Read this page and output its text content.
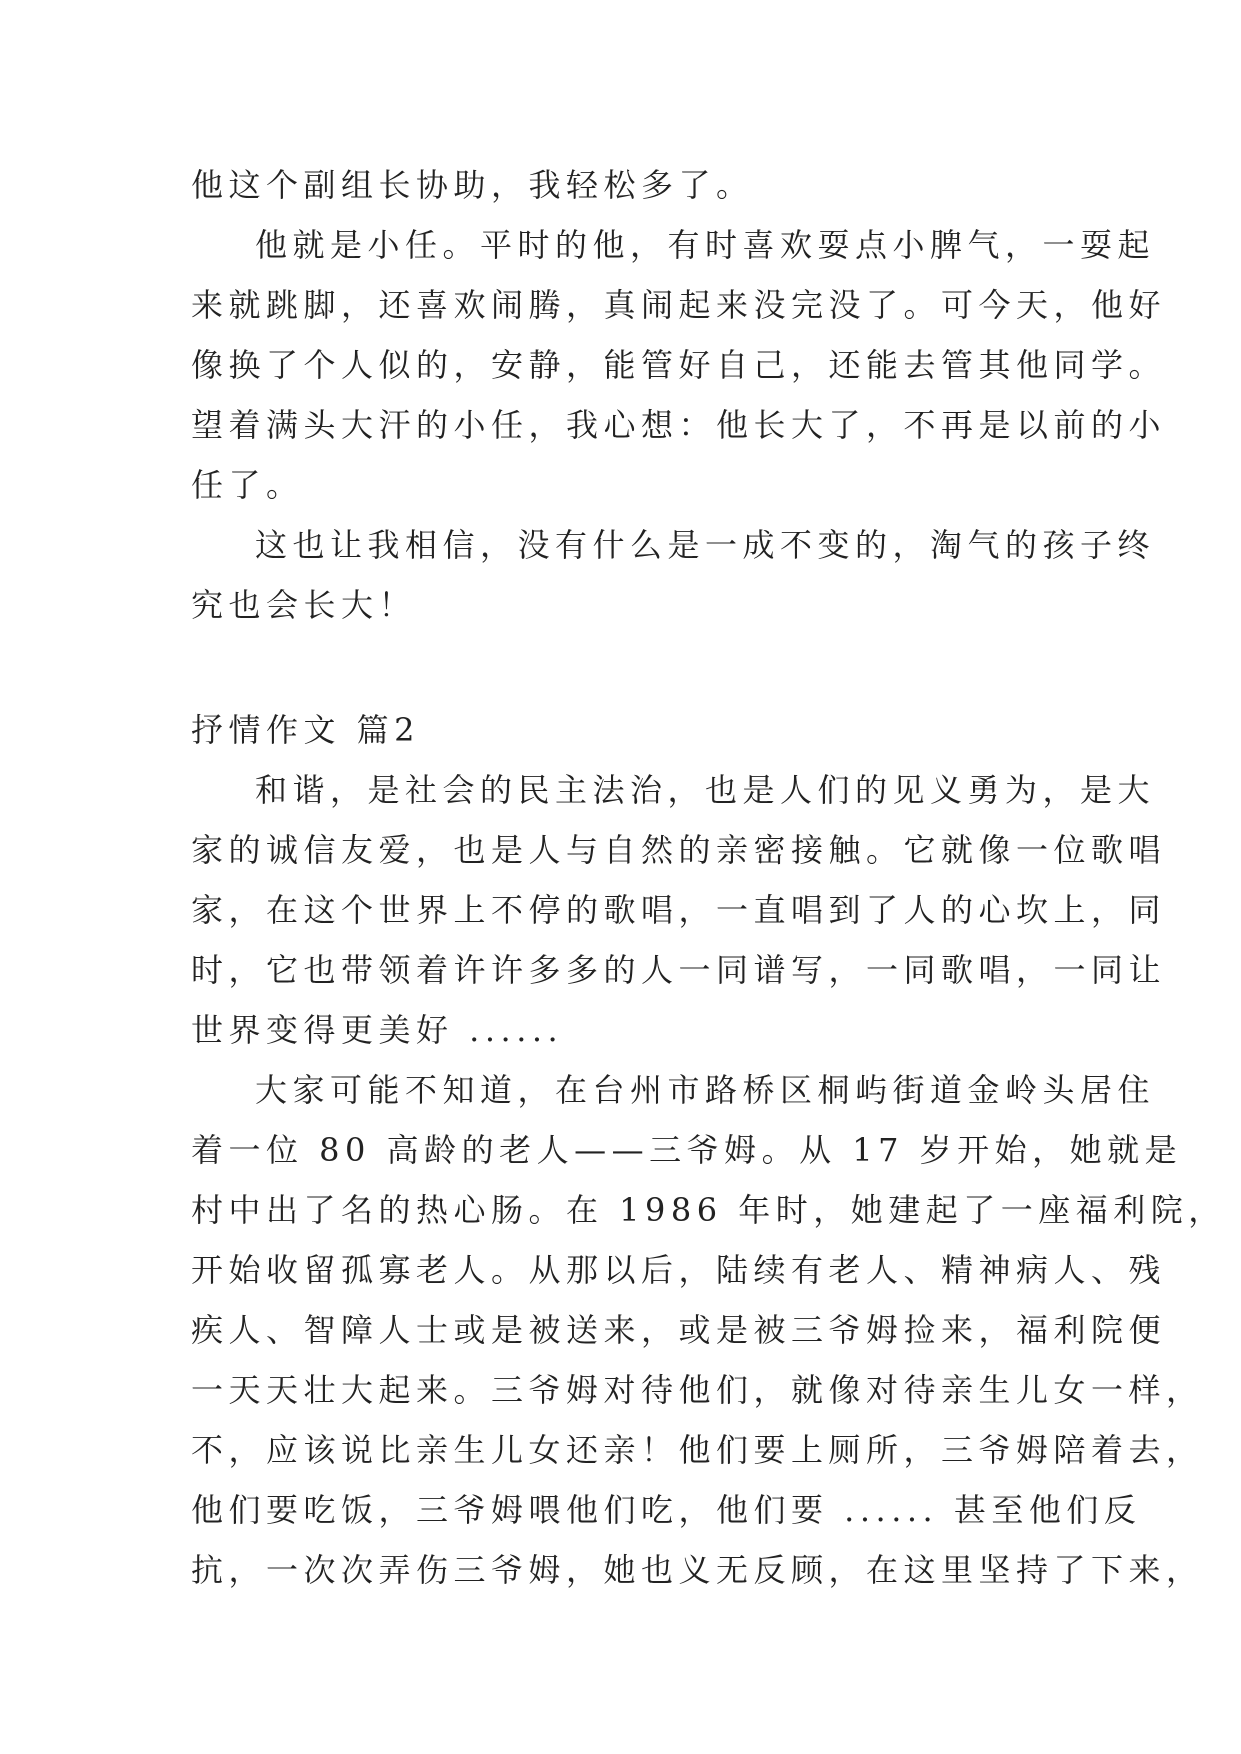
他这个副组长协助，我轻松多了。
他就是小任。平时的他，有时喜欢耍点小脾气，一耍起
来就跳脚，还喜欢闹腾，真闹起来没完没了。可今天，他好
像换了个人似的，安静，能管好自己，还能去管其他同学。
望着满头大汗的小任，我心想：他长大了，不再是以前的小
任了。
这也让我相信，没有什么是一成不变的，淘气的孩子终
究也会长大！
抒情作文 篇2
和谐，是社会的民主法治，也是人们的见义勇为，是大
家的诚信友爱，也是人与自然的亲密接触。它就像一位歌唱
家，在这个世界上不停的歌唱，一直唱到了人的心坎上，同
时，它也带领着许许多多的人一同谱写，一同歌唱，一同让
世界变得更美好 ......
大家可能不知道，在台州市路桥区桐屿街道金岭头居住
着一位 80 高龄的老人——三爷姆。从 17 岁开始，她就是
村中出了名的热心肠。在 1986 年时，她建起了一座福利院，
开始收留孤寡老人。从那以后，陆续有老人、精神病人、残
疾人、智障人士或是被送来，或是被三爷姆捡来，福利院便
一天天壮大起来。三爷姆对待他们，就像对待亲生儿女一样，
不，应该说比亲生儿女还亲！他们要上厕所，三爷姆陪着去，
他们要吃饭，三爷姆喂他们吃，他们要 ...... 甚至他们反
抗，一次次弄伤三爷姆，她也义无反顾，在这里坚持了下来，
